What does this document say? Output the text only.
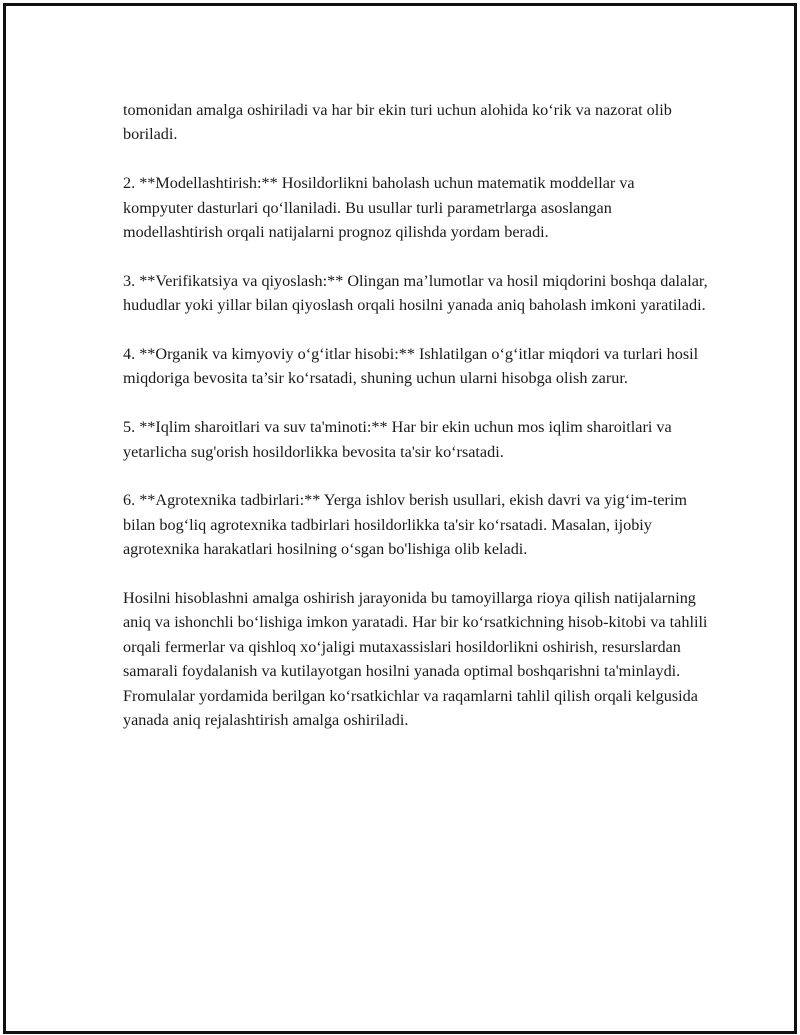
tomonidan amalga oshiriladi va har bir ekin turi uchun alohida ko‘rik va nazorat olib boriladi.

2. **Modellashtirish:** Hosildorlikni baholash uchun matematik moddellar va kompyuter dasturlari qo‘llaniladi. Bu usullar turli parametrlarga asoslangan modellashtirish orqali natijalarni prognoz qilishda yordam beradi.

3. **Verifikatsiya va qiyoslash:** Olingan ma’lumotlar va hosil miqdorini boshqa dalalar, hududlar yoki yillar bilan qiyoslash orqali hosilni yanada aniq baholash imkoni yaratiladi.

4. **Organik va kimyoviy o‘g‘itlar hisobi:** Ishlatilgan o‘g‘itlar miqdori va turlari hosil miqdoriga bevosita ta’sir ko‘rsatadi, shuning uchun ularni hisobga olish zarur.

5. **Iqlim sharoitlari va suv ta'minoti:** Har bir ekin uchun mos iqlim sharoitlari va yetarlicha sug'orish hosildorlikka bevosita ta'sir ko‘rsatadi.

6. **Agrotexnika tadbirlari:** Yerga ishlov berish usullari, ekish davri va yig‘im-terim bilan bog‘liq agrotexnika tadbirlari hosildorlikka ta'sir ko‘rsatadi. Masalan, ijobiy agrotexnika harakatlari hosilning o‘sgan bo'lishiga olib keladi.

Hosilni hisoblashni amalga oshirish jarayonida bu tamoyillarga rioya qilish natijalarning aniq va ishonchli bo‘lishiga imkon yaratadi. Har bir ko‘rsatkichning hisob-kitobi va tahlili orqali fermerlar va qishloq xo‘jaligi mutaxassislari hosildorlikni oshirish, resurslardan samarali foydalanish va kutilayotgan hosilni yanada optimal boshqarishni ta'minlaydi. Fromulalar yordamida berilgan ko‘rsatkichlar va raqamlarni tahlil qilish orqali kelgusida yanada aniq rejalashtirish amalga oshiriladi.
